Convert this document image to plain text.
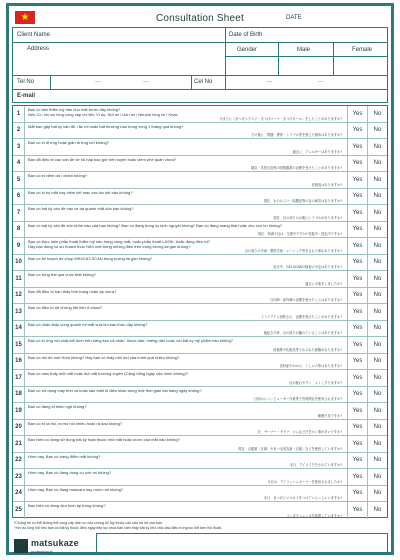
★	Consultation Sheet	DATE
Client Name	Date of Birth
Address	Gender	Male	Female
Tel No	—	—	Cel No	—	—
E-mail
1
Bạn có làm thẩm mỹ nào cho mặt trước đây không?
Nếu Có, xin vui lòng cung cấp chi tiết. Ví dụ: Nối mi / Uốn mi / Nhuộm lông mi / Khác
今までに〈まつげエクステ・まつげパーマ・まつげカール〉をしたことがありますか?
Yes	No
2
Mắt bạn gặp bất kỳ vấn đề, rắc rối hoặc bất thường nào trong vòng 1 tháng qua không?
その後に、問題・異常・トラブル等を感じた個所はありますか?
Yes	No
3
Bạn có bị dị ứng hoặc giãn dị ứng với không?
過去に、アレルギーはありますか?
Yes	No
4
Bạn đã điều trị các vấn đề về hô hấp bao giờ trên tuyến hoặc viêm phế quản chưa?
喘息・気管支炎等の呼吸器系の治療を受けたことがありますか?
Yes	No
5
Bạn có bị viêm da / chàm không?
皮膚炎はありますか?
Yes	No
6
Bạn có bị bọ mắt hay viêm kết mạc xác túc kết nào không?
現在、ものもらい・結膜炎等の目の病気はありますか?
Yes	No
7
Bạn có bất kỳ vấn đề nào về da quanh mắt của bạn không?
現在、目の周りのお肌にトラブルがありますか?
Yes	No
8
Bạn có bất kỳ vấn đề sức khỏe nào của bạn không? Bạn có đang trong kỳ kinh nguyệt không? Bạn có đang mang thai hoặc cho con bú không?
現在、体調不良は・生理中ですか? 妊娠中・授乳中ですか?
Yes	No
9
Bạn có thực hiện phẫu thuật thẩm mỹ nào trong vùng mắt, hoặc phẫu thuật LASIK, hoặc đang điều trị?
Hay bạn đang có sự hoạch thực hiện một trong những điều trên trong tương lai gần không?
目の周りの手術・整形手術・レーシック等をされた事がありますか?
Yes	No
10
Bạn có kế hoạch đo chụp MRI/CAT-SCAN trong tương lai gần không?
近日中、CAT-SCANの検査の予定はありますか?
Yes	No
11
Bạn có từng trải qua cuộc thất không?
過去に手術をしましたか?
Yes	No
12
Bạn đã điều trị bạn thấy tình trạng nhân áp chưa?
白内障・緑内障の治療を受けたことはありますか?
Yes	No
13
Bạn có điều trị tới chứng tiết tiến ở chưa?
ドライアイと診断され、治療を受けたことがありますか?
Yes	No
14
Bạn có nhận thấy vùng quanh mi mắt sưa khi bạn thức dậy không?
朝起きた時、目の周りが腫れていることはありますか?
Yes	No
15
Bạn có bị ứng với chất kết dính trên băng keo cá nhân, thuốc dán, miếng dán hoặc với bất kỳ mỹ phẩm nào không?
絆創膏や化粧品等でかぶれた経験がありますか?
Yes	No
16
Bạn có dòi đồ mới Hôm không? Hay bạn có thấy mũi hơi của mình quá nhiều không?
花粉症やかゆみ、くしゃみ等はありますか?
Yes	No
17
Bạn có cảm thấy mỏi mắt hoặc dụi mắt thường xuyên (Cặng hằng ngày của mình không)?
目が疲れやすく、よくこすりますか?
Yes	No
18
Bạn có sử dụng máy tính và hoặc sản thiết bị điện khác trong một thời gian dài hàng ngày không?
日頃からコンピューター作業等で長時間目を使用されますか?
Yes	No
19
Bạn có đang bị thiếu ngủ không?
睡眠不足ですか?
Yes	No
20
Bạn có bị ra hồi, ra mồ hôi nhiều hoặc ra dau không?
汗、サーナー・サウナ、ジムなど汗をかく事が多いですか?
Yes	No
21
Bạn hiện có đang sử dụng bất kỳ hoạt thuốc nhỏ mắt hoặc nước của mắt nào không?
現在、点眼薬（目薬）やまつ毛美容液（目薬）などを使用していますか?
Yes	No
22
Hôm nay, Bạn có trang điểm mắt không?
本日、アイメイクをされていますか?
Yes	No
23
Hôm nay, Bạn có đang dùng cụ uốn mi không?
今日は、アイラッシュカーラーを使用されましたか?
Yes	No
24
Hôm nay, Bạn có đang mascara hay mồm nối không?
本日、まつげにマスカラをつけていらっしゃいますか?
Yes	No
25
Bạn hiện có đang đeo kính áp tròng không?
コンタクトレンズを装着していますか?
Yes	No
*Chúng tôi có thể không thể cung cấp dịch vụ của chúng tôi tùy thuộc vào câu trả lời của bạn.
*Xin vui lòng hỏi nếu bạn có bất kỳ thuốc điều ngày tiếp tục mua bàn cảm thấy bất kỳ khó chịu đau điều trong lúc kết làm thủ thuật.
matsukaze
professional
